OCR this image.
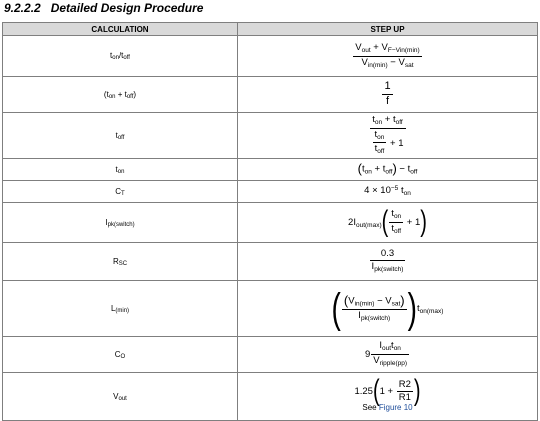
9.2.2.2 Detailed Design Procedure
CALCULATION	STEP UP
$t_{on}/t_{off}$	$\frac{V_{out} + V_{F-Vin(min)}}{V_{in(min)} - V_{sat}}$

$(t_{on} + t_{off})$	$\frac{1}{f}$

$t_{off}$	$\frac{t_{on} + t_{off}}{\frac{t_{on}}{t_{off}} + 1}$

$t_{on}$	$(t_{on} + t_{off}) - t_{off}$
$C_T$	$4 \times 10^{-5}$ $t_{on}$
$I_{pk(switch)}$	$2I_{out(max)}( \frac{t_{on}}{t_{off}} + 1)$
$R_{SC}$	$\frac{0.3}{I_{pk(switch)}}$

$L_{(min)}$	( $\frac{(V_{in(min)} - V_{sat})}{I_{pk(switch)}} )t_{on(max)}$
$C_O$	$9 \frac{I_{out}t_{on}}{V_{ripple(pp)}}$

$V_{out}$	$1.25(1 + \frac{R2}{R1}$ )
See Figure 10
